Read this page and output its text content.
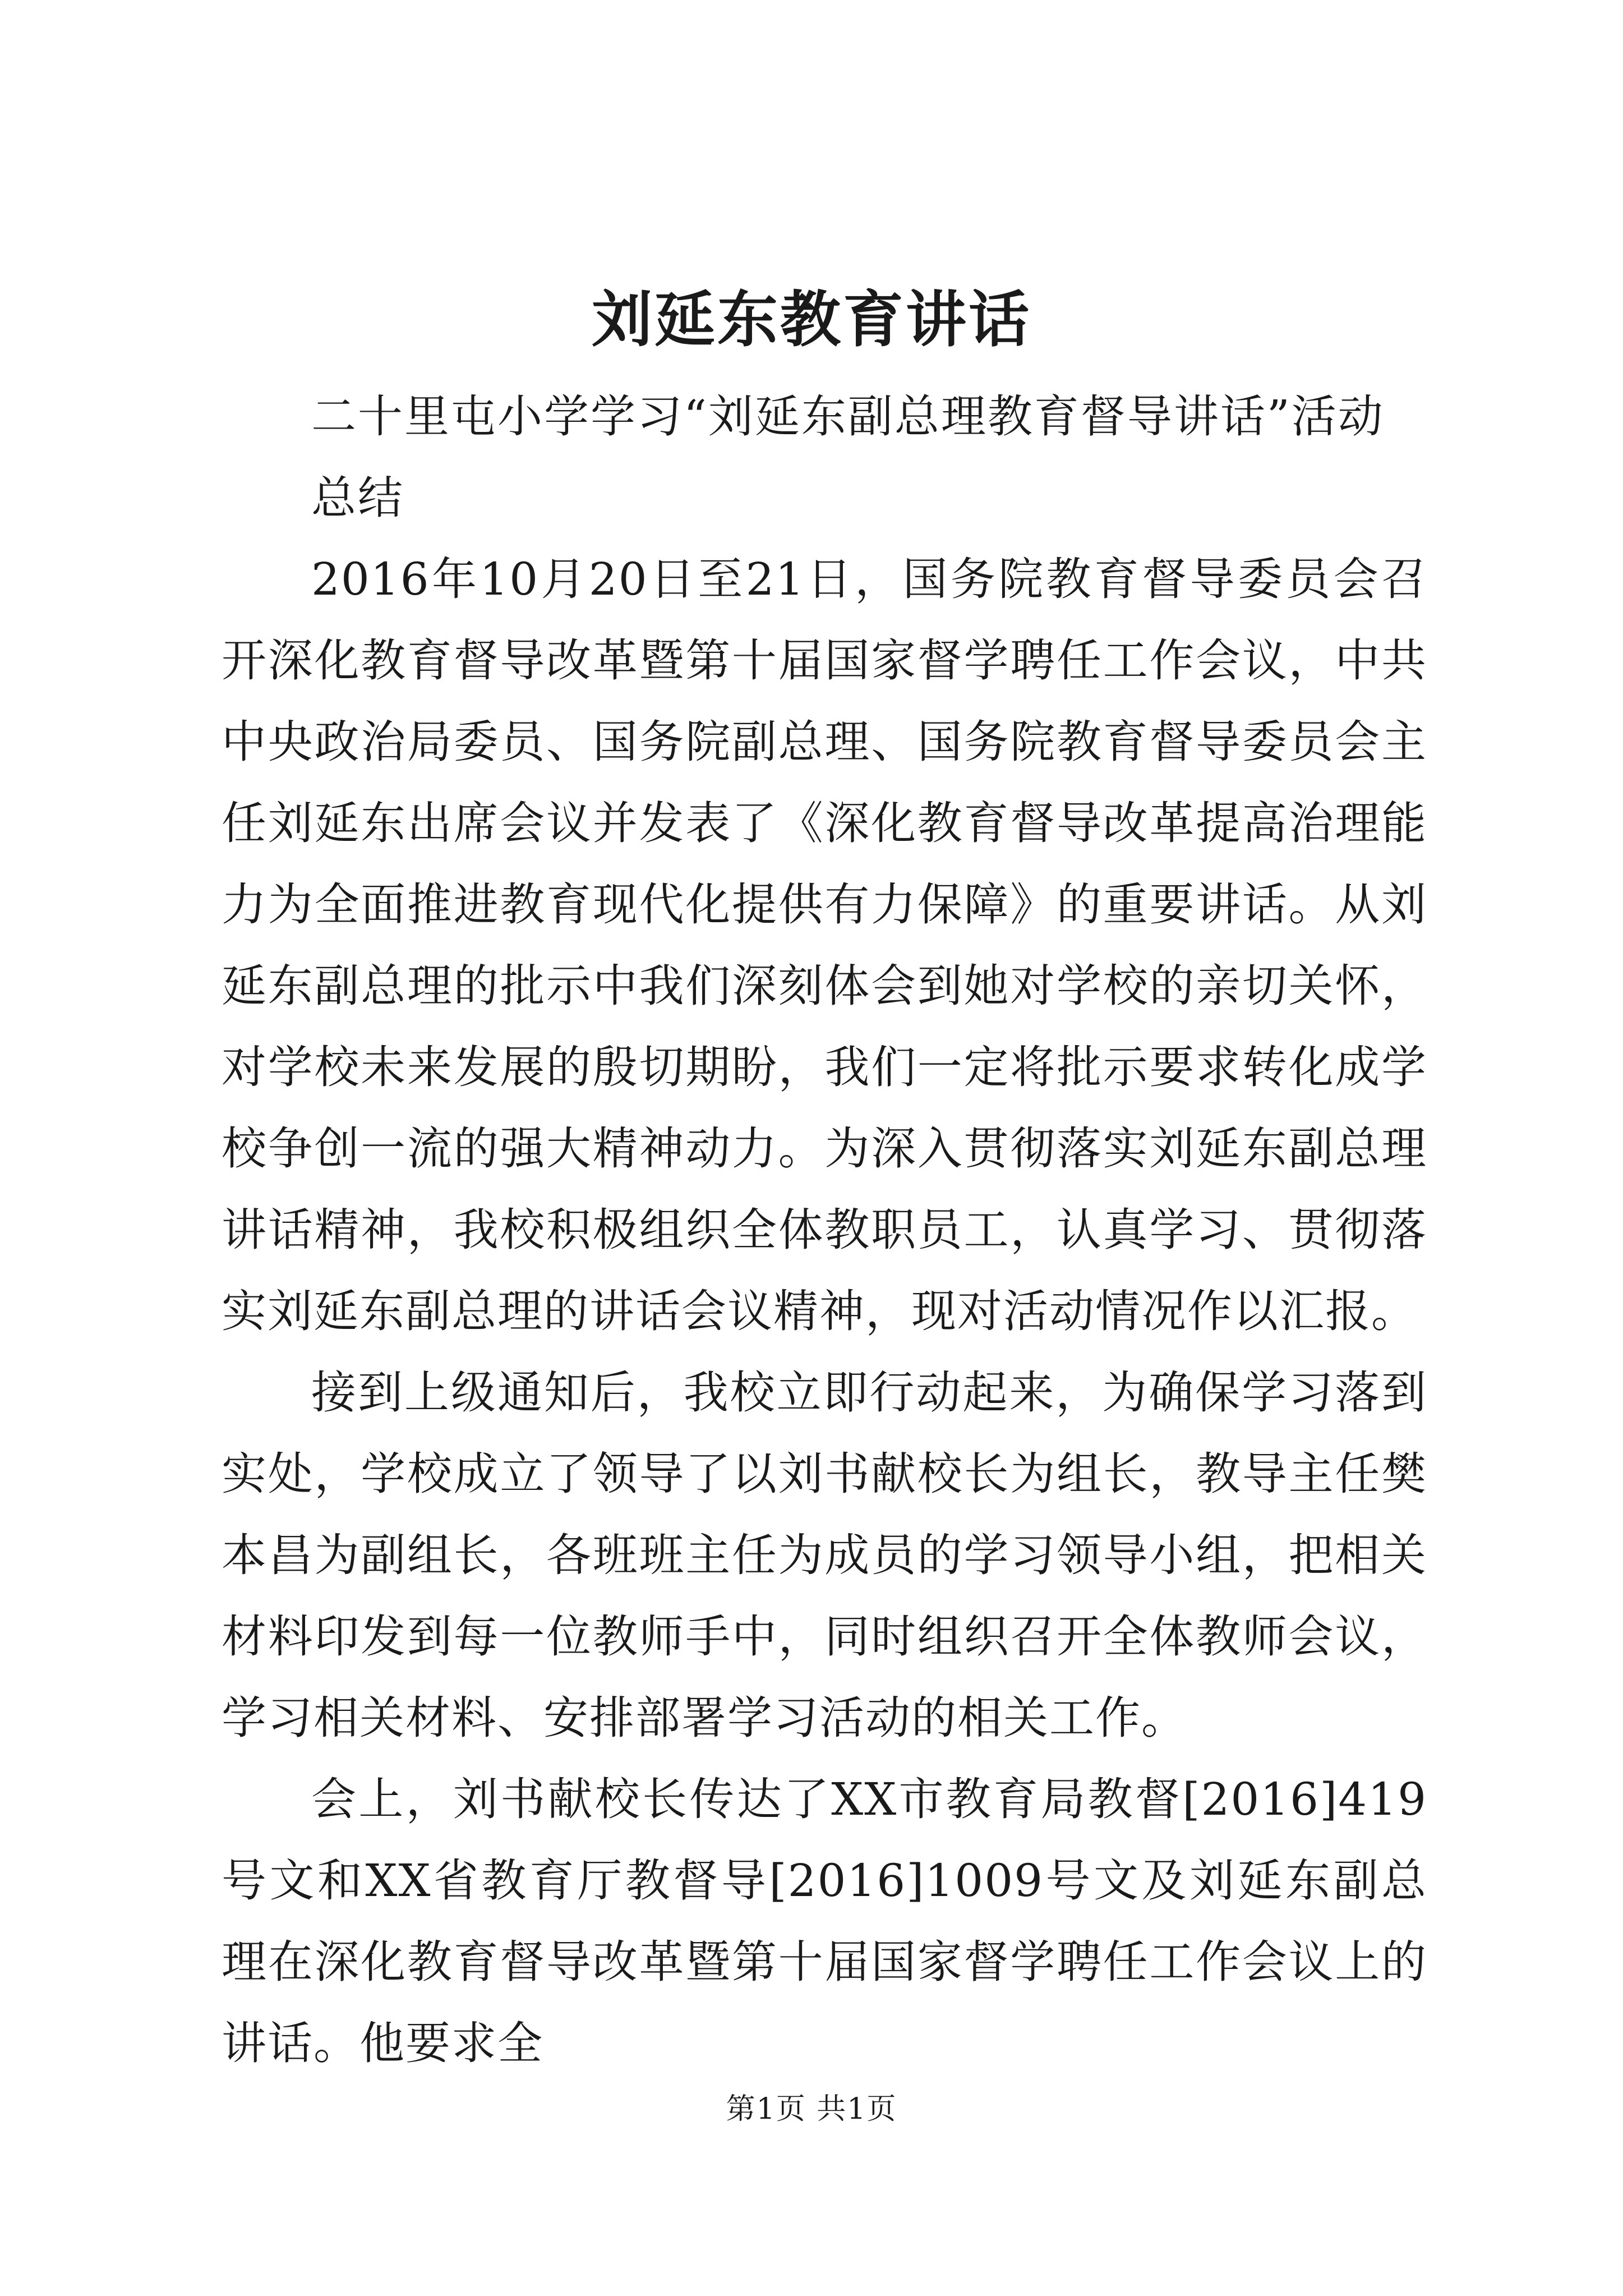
刘延东教育讲话

二十里屯小学学习“刘延东副总理教育督导讲话”活动总结

2016年10月20日至21日，国务院教育督导委员会召开深化教育督导改革暨第十届国家督学聘任工作会议，中共中央政治局委员、国务院副总理、国务院教育督导委员会主任刘延东出席会议并发表了《深化教育督导改革提高治理能力为全面推进教育现代化提供有力保障》的重要讲话。从刘延东副总理的批示中我们深刻体会到她对学校的亲切关怀，对学校未来发展的殷切期盼，我们一定将批示要求转化成学校争创一流的强大精神动力。为深入贯彻落实刘延东副总理讲话精神，我校积极组织全体教职员工，认真学习、贯彻落实刘延东副总理的讲话会议精神，现对活动情况作以汇报。

接到上级通知后，我校立即行动起来，为确保学习落到实处，学校成立了领导了以刘书献校长为组长，教导主任樊本昌为副组长，各班班主任为成员的学习领导小组，把相关材料印发到每一位教师手中，同时组织召开全体教师会议，学习相关材料、安排部署学习活动的相关工作。

会上，刘书献校长传达了XX市教育局教督[2016]419号文和XX省教育厅教督导[2016]1009号文及刘延东副总理在深化教育督导改革暨第十届国家督学聘任工作会议上的讲话。他要求全

第1页 共1页
